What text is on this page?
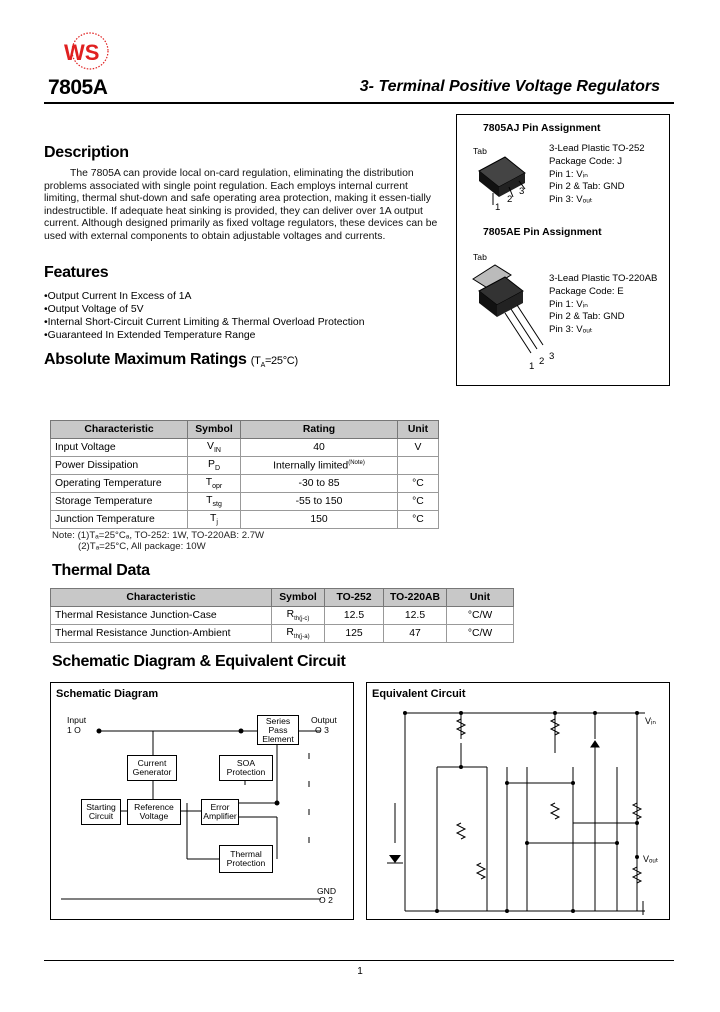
WS
7805A	3- Terminal Positive Voltage Regulators
Description
The 7805A can provide local on-card regulation, eliminating the distribution problems associated with single point regulation. Each employs internal current limiting, thermal shut-down and safe operating area protection, making it essen-tially indestructible. If adequate heat sinking is provided, they can deliver over 1A output current. Although designed primarily as fixed voltage regulators, these devices can be used with external components to obtain adjustable voltages and currents.
Features
• Output Current In Excess of 1A
• Output Voltage of 5V
• Internal Short-Circuit Current Limiting & Thermal Overload Protection
• Guaranteed In Extended Temperature Range
Absolute Maximum Ratings $(T_A=25^\circ C)$
Characteristic	Symbol	Rating	Unit
Input Voltage	$V_{IN}$	40	V
Power Dissipation	$P_D$	Internally limited$^{(Note)}$	
Operating Temperature	$T_{opr}$	-30 to 85	°C
Storage Temperature	$T_{stg}$	-55 to 150	°C
Junction Temperature	$T_j$	150	°C
Note: (1)Tₐ=25°Cₐ, TO-252: 1W, TO-220AB: 2.7W
(2)Tₐ=25°C, All package: 10W
Thermal Data
Characteristic	Symbol	TO-252	TO-220AB	Unit
Thermal Resistance Junction-Case	$R_{th(j-c)}$	12.5	12.5	°C/W
Thermal Resistance Junction-Ambient	$R_{th(j-a)}$	125	47	°C/W
7805AJ Pin Assignment
Tab
1
2
3
3-Lead Plastic TO-252
Package Code: J
Pin 1: Vᵢₙ
Pin 2 & Tab: GND
Pin 3: Vₒᵤₜ
7805AE Pin Assignment
Tab
1 2 3
3-Lead Plastic TO-220AB
Package Code: E
Pin 1: Vᵢₙ
Pin 2 & Tab: GND
Pin 3: Vₒᵤₜ
Schematic Diagram & Equivalent Circuit
Schematic Diagram
Input
1 O
Output
O 3
GND
O 2
Series Pass Element
Current Generator
SOA Protection
Starting Circuit
Reference Voltage
Error Amplifier
Thermal Protection
Equivalent Circuit
Vᵢₙ
Vₒᵤₜ
1
